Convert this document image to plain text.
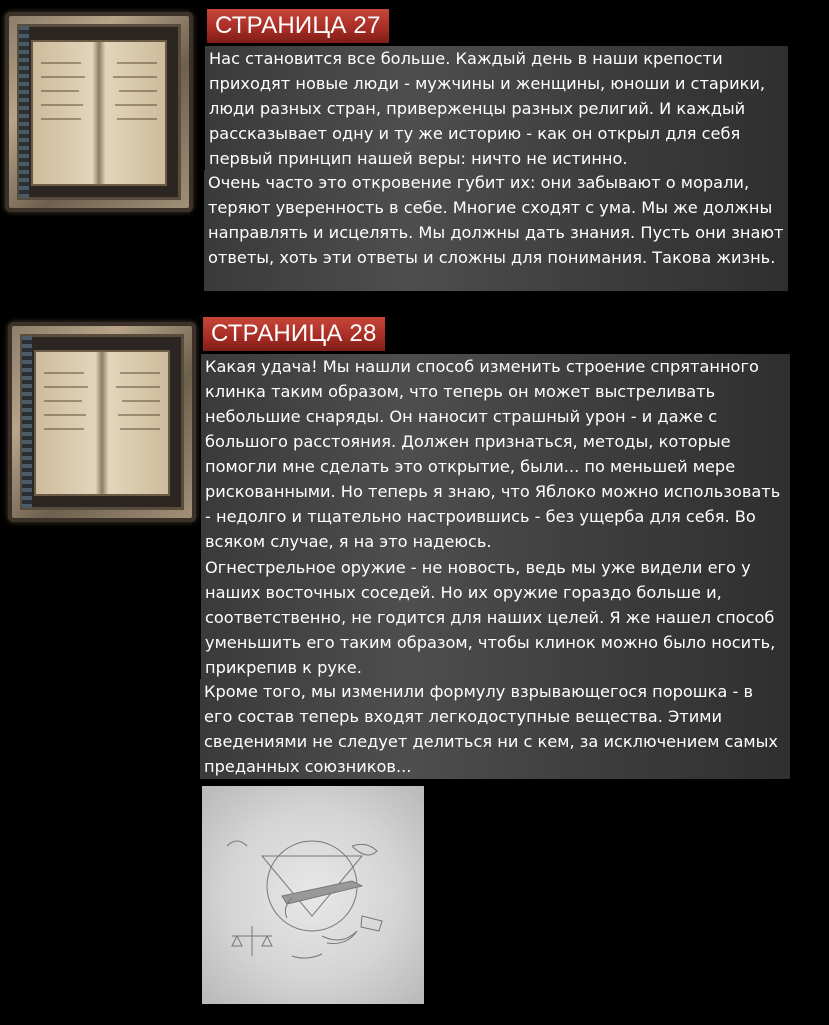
СТРАНИЦА 27
Нас становится все больше. Каждый день в наши крепости приходят новые люди - мужчины и женщины, юноши и старики, люди разных стран, приверженцы разных религий. И каждый рассказывает одну и ту же историю - как он открыл для себя первый принцип нашей веры: ничто не истинно.
Очень часто это откровение губит их: они забывают о морали, теряют уверенность в себе. Многие сходят с ума. Мы же должны направлять и исцелять. Мы должны дать знания. Пусть они знают ответы, хоть эти ответы и сложны для понимания. Такова жизнь.
СТРАНИЦА 28
Какая удача! Мы нашли способ изменить строение спрятанного клинка таким образом, что теперь он может выстреливать небольшие снаряды. Он наносит страшный урон - и даже с большого расстояния. Должен признаться, методы, которые помогли мне сделать это открытие, были... по меньшей мере рискованными. Но теперь я знаю, что Яблоко можно использовать - недолго и тщательно настроившись - без ущерба для себя. Во всяком случае, я на это надеюсь.
Огнестрельное оружие - не новость, ведь мы уже видели его у наших восточных соседей. Но их оружие гораздо больше и, соответственно, не годится для наших целей. Я же нашел способ уменьшить его таким образом, чтобы клинок можно было носить, прикрепив к руке.
Кроме того, мы изменили формулу взрывающегося порошка - в его состав теперь входят легкодоступные вещества. Этими сведениями не следует делиться ни с кем, за исключением самых преданных союзников...
